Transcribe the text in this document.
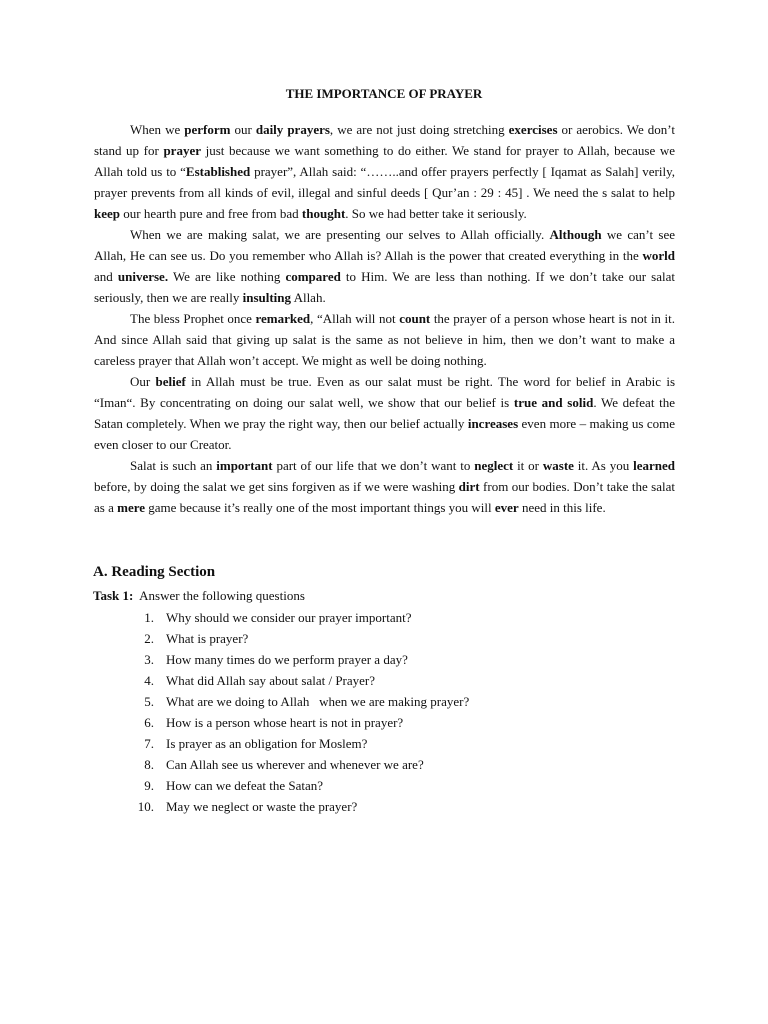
THE IMPORTANCE OF PRAYER

When we perform our daily prayers, we are not just doing stretching exercises or aerobics. We don’t stand up for prayer just because we want something to do either. We stand for prayer to Allah, because we Allah told us to “Established prayer”, Allah said: “……..and offer prayers perfectly [ Iqamat as Salah] verily, prayer prevents from all kinds of evil, illegal and sinful deeds [ Qur’an : 29 : 45] . We need the s salat to help keep our hearth pure and free from bad thought. So we had better take it seriously.

When we are making salat, we are presenting our selves to Allah officially. Although we can’t see Allah, He can see us. Do you remember who Allah is? Allah is the power that created everything in the world and universe. We are like nothing compared to Him. We are less than nothing. If we don’t take our salat seriously, then we are really insulting Allah.

The bless Prophet once remarked, “Allah will not count the prayer of a person whose heart is not in it. And since Allah said that giving up salat is the same as not believe in him, then we don’t want to make a careless prayer that Allah won’t accept. We might as well be doing nothing.

Our belief in Allah must be true. Even as our salat must be right. The word for belief in Arabic is “Iman“. By concentrating on doing our salat well, we show that our belief is true and solid. We defeat the Satan completely. When we pray the right way, then our belief actually increases even more – making us come even closer to our Creator.

Salat is such an important part of our life that we don’t want to neglect it or waste it. As you learned before, by doing the salat we get sins forgiven as if we were washing dirt from our bodies. Don’t take the salat as a mere game because it’s really one of the most important things you will ever need in this life.

A. Reading Section
Task 1:  Answer the following questions
1. Why should we consider our prayer important?
2. What is prayer?
3. How many times do we perform prayer a day?
4. What did Allah say about salat / Prayer?
5. What are we doing to Allah   when we are making prayer?
6. How is a person whose heart is not in prayer?
7. Is prayer as an obligation for Moslem?
8. Can Allah see us wherever and whenever we are?
9. How can we defeat the Satan?
10. May we neglect or waste the prayer?
